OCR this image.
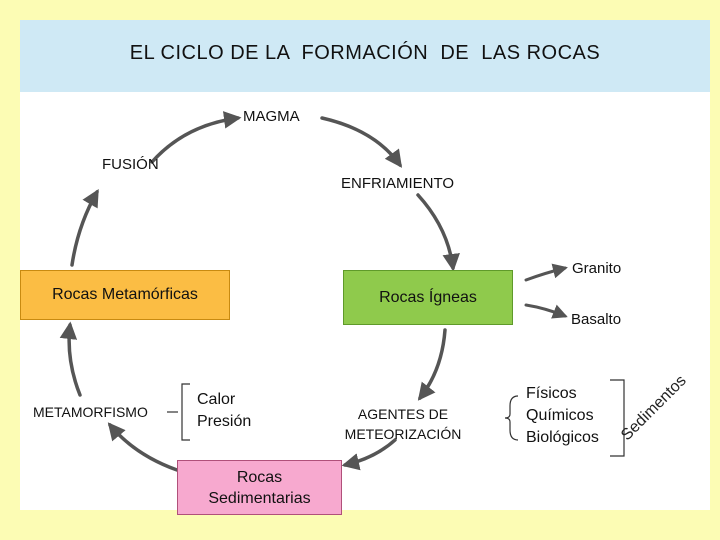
EL CICLO DE LA  FORMACIÓN  DE  LAS ROCAS
MAGMA
FUSIÓN
ENFRIAMIENTO
Granito
Basalto
METAMORFISMO
Rocas Metamórficas	Rocas Ígneas
Rocas
Sedimentarias
Calor
Presión	AGENTES DE
METEORIZACIÓN
Físicos
Químicos
Biológicos Sedimentos
